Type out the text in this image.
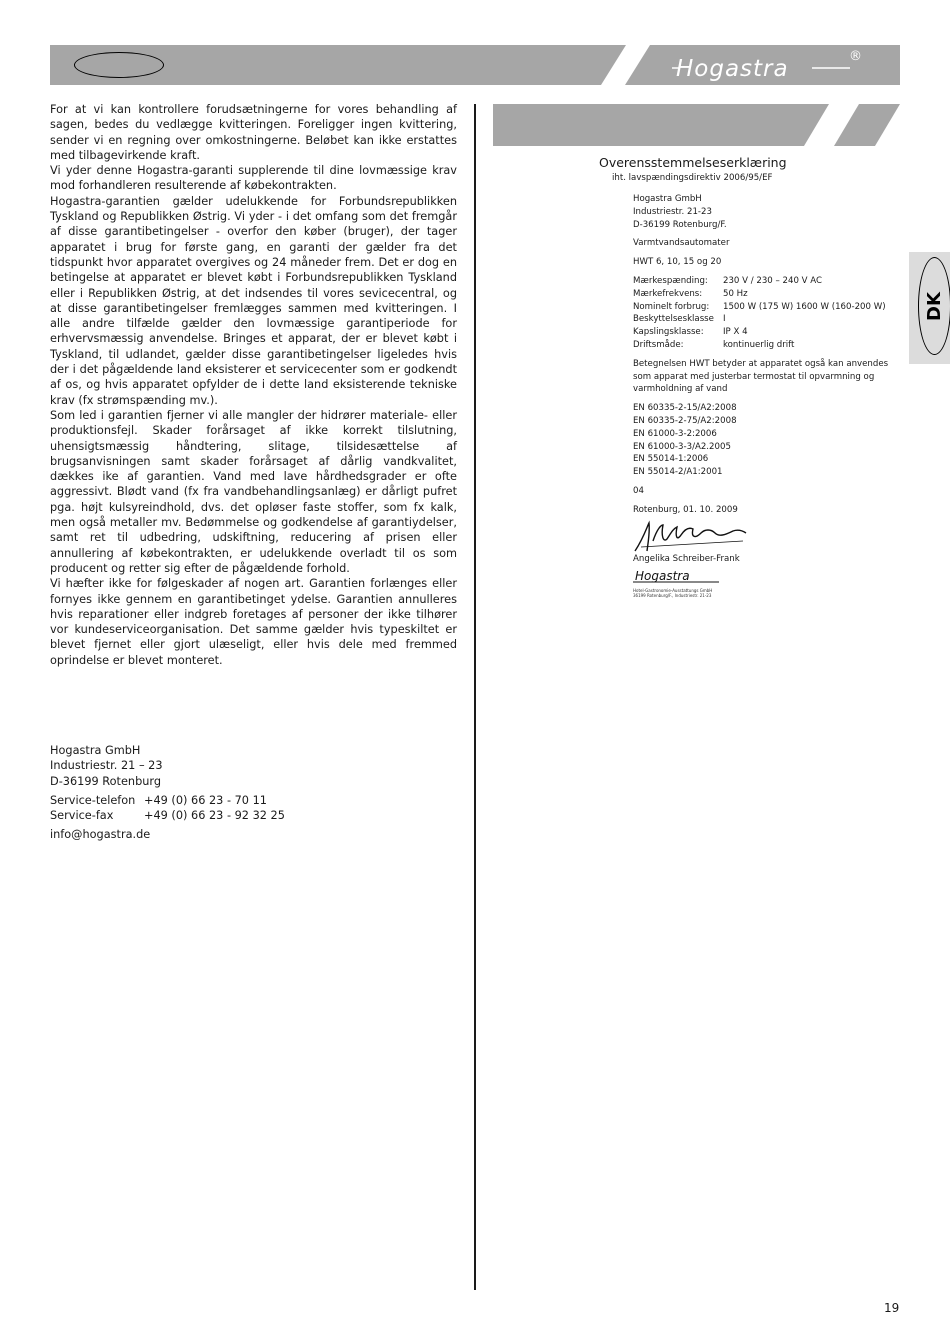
Hogastra	®

For at vi kan kontrollere forudsætningerne for vores behandling af sagen, bedes du vedlægge kvitteringen. Foreligger ingen kvittering, sender vi en regning over omkostningerne. Beløbet kan ikke erstattes med tilbagevirkende kraft.

Vi yder denne Hogastra-garanti supplerende til dine lovmæssige krav mod forhandleren resulterende af købekontrakten.

Hogastra-garantien gælder udelukkende for Forbundsrepublikken Tyskland og Republikken Østrig. Vi yder - i det omfang som det fremgår af disse garantibetingelser - overfor den køber (bruger), der tager apparatet i brug for første gang, en garanti der gælder fra det tidspunkt hvor apparatet overgives og 24 måneder frem. Det er dog en betingelse at apparatet er blevet købt i Forbundsrepublikken Tyskland eller i Republikken Østrig, at det indsendes til vores sevicecentral, og at disse garantibetingelser fremlægges sammen med kvitteringen. I alle andre tilfælde gælder den lovmæssige garantiperiode for erhvervsmæssig anvendelse. Bringes et apparat, der er blevet købt i Tyskland, til udlandet, gælder disse garantibetingelser ligeledes hvis der i det pågældende land eksisterer et servicecenter som er godkendt af os, og hvis apparatet opfylder de i dette land eksisterende tekniske krav (fx strømspænding mv.).

Som led i garantien fjerner vi alle mangler der hidrører materiale- eller produktionsfejl. Skader forårsaget af ikke korrekt tilslutning, uhensigtsmæssig håndtering, slitage, tilsidesættelse af brugsanvisningen samt skader forårsaget af dårlig vandkvalitet, dækkes ike af garantien. Vand med lave hårdhedsgrader er ofte aggressivt. Blødt vand (fx fra vandbehandlingsanlæg) er dårligt pufret pga. højt kulsyreindhold, dvs. det opløser faste stoffer, som fx kalk, men også metaller mv. Bedømmelse og godkendelse af garantiydelser, samt ret til udbedring, udskiftning, reducering af prisen eller annullering af købekontrakten, er udelukkende overladt til os som producent og retter sig efter de pågældende forhold.

Vi hæfter ikke for følgeskader af nogen art. Garantien forlænges eller fornyes ikke gennem en garantibetinget ydelse. Garantien annulleres hvis reparationer eller indgreb foretages af personer der ikke tilhører vor kundeserviceorganisation. Det samme gælder hvis typeskiltet er blevet fjernet eller gjort ulæseligt, eller hvis dele med fremmed oprindelse er blevet monteret.

Hogastra GmbH
Industriestr. 21 – 23
D-36199 Rotenburg
Service-telefon +49 (0) 66 23 - 70 11
Service-fax	+49 (0) 66 23 - 92 32 25
info@hogastra.de
Overensstemmelseserklæring
iht. lavspændingsdirektiv 2006/95/EF
Hogastra GmbH
Industriestr. 21-23
D-36199 Rotenburg/F.
Varmtvandsautomater
HWT 6, 10, 15 og 20
Mærkespænding:	230 V / 230 – 240 V AC
Mærkefrekvens:	50 Hz
Nominelt forbrug:	1500 W (175 W) 1600 W (160-200 W)
Beskyttelsesklasse	I
Kapslingsklasse:	IP X 4
Driftsmåde:	kontinuerlig drift
Betegnelsen HWT betyder at apparatet også kan anvendes som apparat med justerbar termostat til opvarmning og varmholdning af vand
EN 60335-2-15/A2:2008
EN 60335-2-75/A2:2008
EN 61000-3-2:2006
EN 61000-3-3/A2.2005
EN 55014-1:2006
EN 55014-2/A1:2001
04
Rotenburg, 01. 10. 2009
Angelika Schreiber-Frank
Hogastra
Hotel-Gastronomie-Ausstattungs GmbH
36199 Rotenburg/F., Industriestr. 21-23
DK
19
